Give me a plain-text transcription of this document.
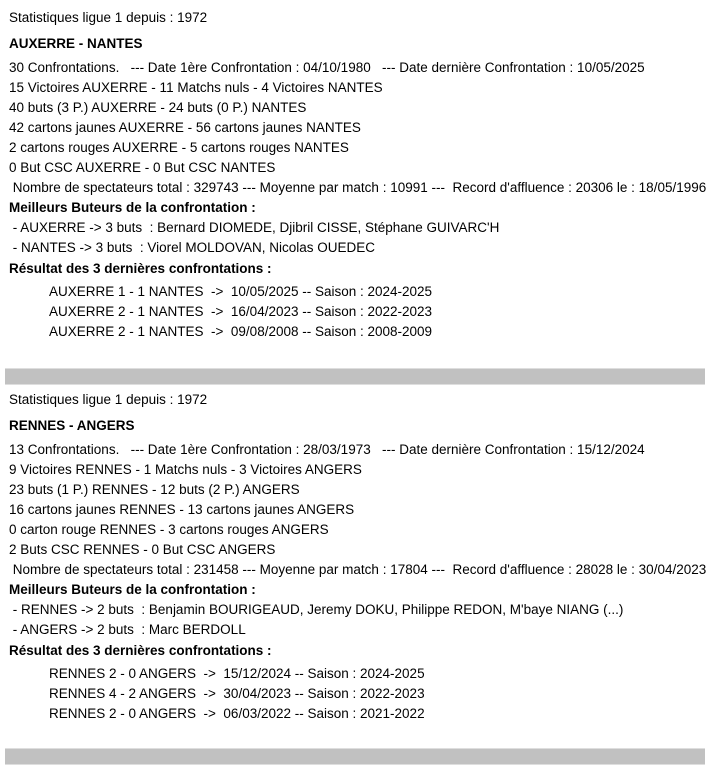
Statistiques ligue 1 depuis : 1972
AUXERRE - NANTES
30 Confrontations.   --- Date 1ère Confrontation : 04/10/1980   --- Date dernière Confrontation : 10/05/2025
15 Victoires AUXERRE - 11 Matchs nuls - 4 Victoires NANTES
40 buts (3 P.) AUXERRE - 24 buts (0 P.) NANTES
42 cartons jaunes AUXERRE - 56 cartons jaunes NANTES
2 cartons rouges AUXERRE - 5 cartons rouges NANTES
0 But CSC AUXERRE - 0 But CSC NANTES
Nombre de spectateurs total : 329743 --- Moyenne par match : 10991 ---  Record d'affluence : 20306 le : 18/05/1996
Meilleurs Buteurs de la confrontation :
- AUXERRE -> 3 buts  : Bernard DIOMEDE, Djibril CISSE, Stéphane GUIVARC'H
- NANTES -> 3 buts  : Viorel MOLDOVAN, Nicolas OUEDEC
Résultat des 3 dernières confrontations :
AUXERRE 1 - 1 NANTES  ->  10/05/2025 -- Saison : 2024-2025
AUXERRE 2 - 1 NANTES  ->  16/04/2023 -- Saison : 2022-2023
AUXERRE 2 - 1 NANTES  ->  09/08/2008 -- Saison : 2008-2009
Statistiques ligue 1 depuis : 1972
RENNES - ANGERS
13 Confrontations.   --- Date 1ère Confrontation : 28/03/1973   --- Date dernière Confrontation : 15/12/2024
9 Victoires RENNES - 1 Matchs nuls - 3 Victoires ANGERS
23 buts (1 P.) RENNES - 12 buts (2 P.) ANGERS
16 cartons jaunes RENNES - 13 cartons jaunes ANGERS
0 carton rouge RENNES - 3 cartons rouges ANGERS
2 Buts CSC RENNES - 0 But CSC ANGERS
Nombre de spectateurs total : 231458 --- Moyenne par match : 17804 ---  Record d'affluence : 28028 le : 30/04/2023
Meilleurs Buteurs de la confrontation :
- RENNES -> 2 buts  : Benjamin BOURIGEAUD, Jeremy DOKU, Philippe REDON, M'baye NIANG (...)
- ANGERS -> 2 buts  : Marc BERDOLL
Résultat des 3 dernières confrontations :
RENNES 2 - 0 ANGERS  ->  15/12/2024 -- Saison : 2024-2025
RENNES 4 - 2 ANGERS  ->  30/04/2023 -- Saison : 2022-2023
RENNES 2 - 0 ANGERS  ->  06/03/2022 -- Saison : 2021-2022
